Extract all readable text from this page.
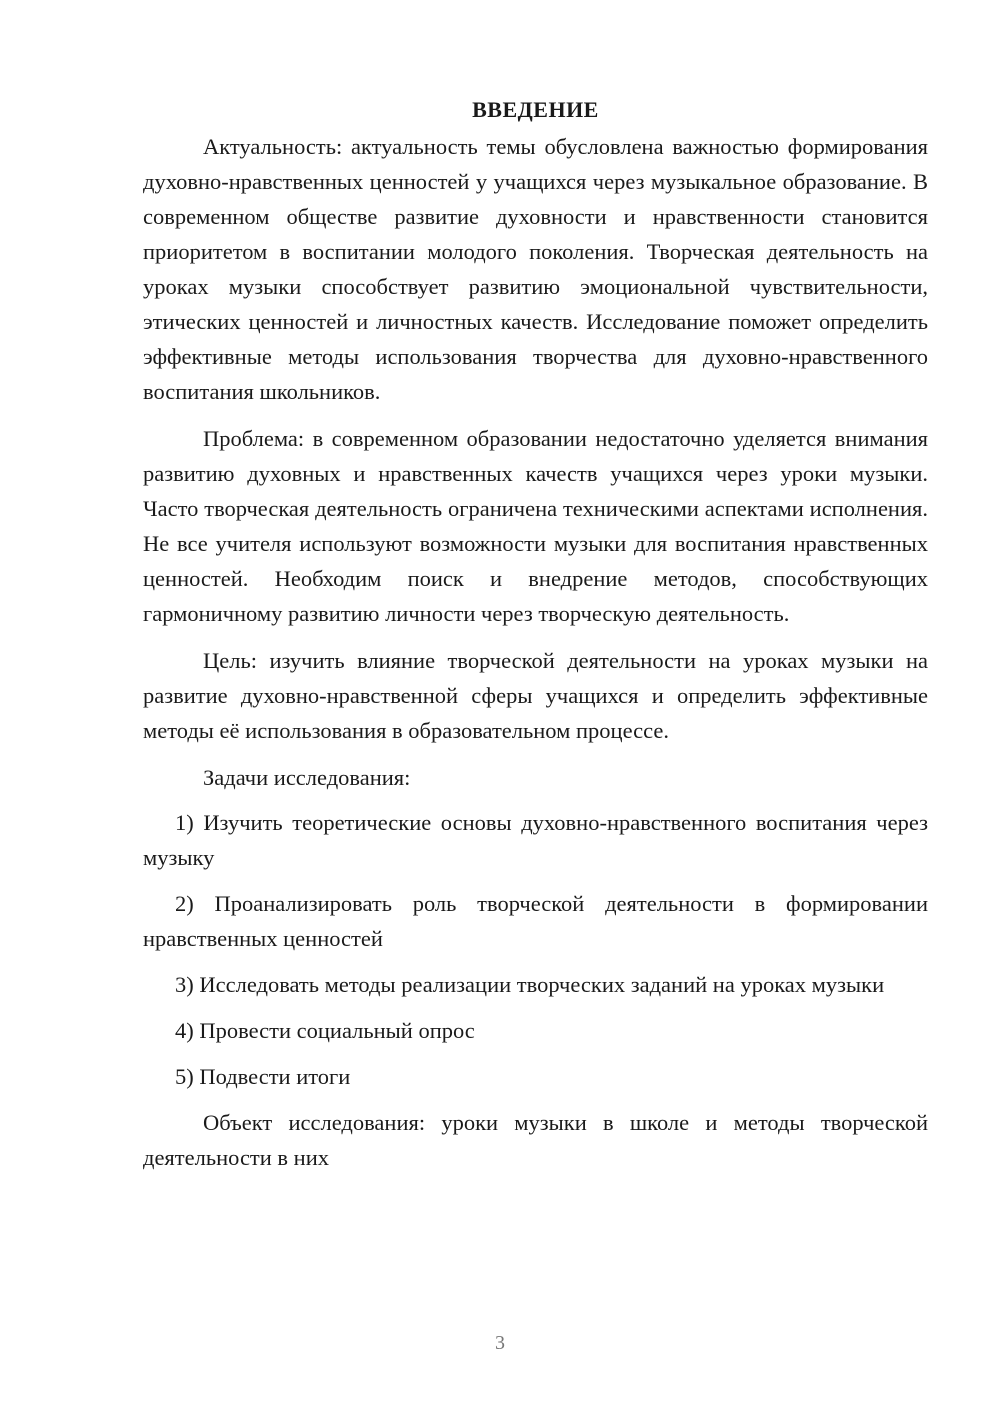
ВВЕДЕНИЕ

Актуальность: актуальность темы обусловлена важностью формирования духовно-нравственных ценностей у учащихся через музыкальное образование. В современном обществе развитие духовности и нравственности становится приоритетом в воспитании молодого поколения. Творческая деятельность на уроках музыки способствует развитию эмоциональной чувствительности, этических ценностей и личностных качеств. Исследование поможет определить эффективные методы использования творчества для духовно-нравственного воспитания школьников.

Проблема: в современном образовании недостаточно уделяется внимания развитию духовных и нравственных качеств учащихся через уроки музыки. Часто творческая деятельность ограничена техническими аспектами исполнения. Не все учителя используют возможности музыки для воспитания нравственных ценностей. Необходим поиск и внедрение методов, способствующих гармоничному развитию личности через творческую деятельность.

Цель: изучить влияние творческой деятельности на уроках музыки на развитие духовно-нравственной сферы учащихся и определить эффективные методы её использования в образовательном процессе.

Задачи исследования:

1) Изучить теоретические основы духовно-нравственного воспитания через музыку

2) Проанализировать роль творческой деятельности в формировании нравственных ценностей

3) Исследовать методы реализации творческих заданий на уроках музыки

4) Провести социальный опрос

5) Подвести итоги

Объект исследования: уроки музыки в школе и методы творческой деятельности в них

3
